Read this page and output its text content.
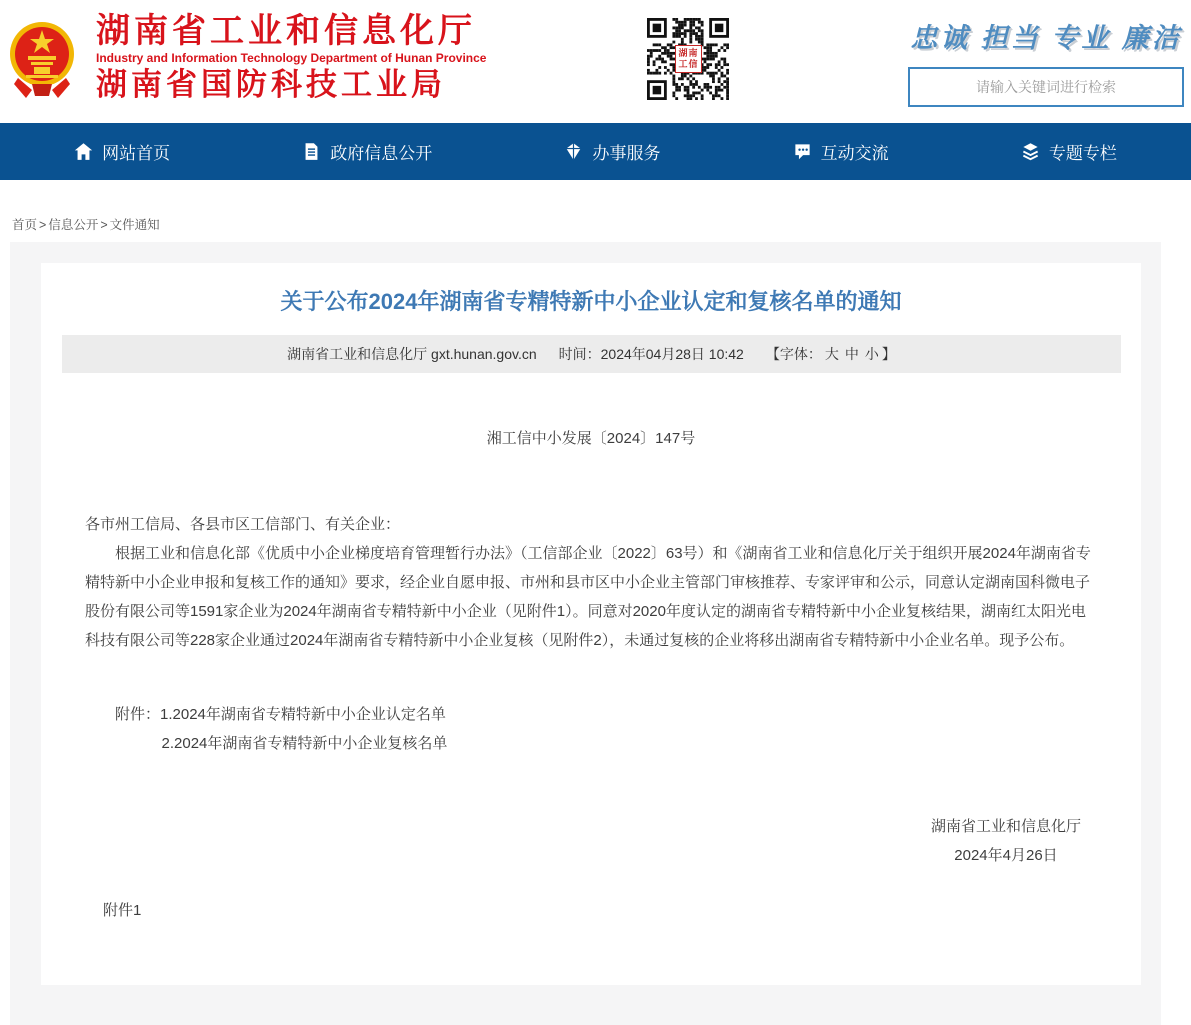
湖南省工业和信息化厅
Industry and Information Technology Department of Hunan Province
湖南省国防科技工业局
湖南
工信
忠诚 担当 专业 廉洁
请输入关键词进行检索
网站首页	政府信息公开	办事服务	互动交流	专题专栏
首页 > 信息公开 > 文件通知
关于公布2024年湖南省专精特新中小企业认定和复核名单的通知
湖南省工业和信息化厅 gxt.hunan.gov.cn 时间：2024年04月28日 10:42 【字体： 大 中 小 】
湘工信中小发展〔2024〕147号

各市州工信局、各县市区工信部门、有关企业：

根据工业和信息化部《优质中小企业梯度培育管理暂行办法》（工信部企业〔2022〕63号）和《湖南省工业和信息化厅关于组织开展2024年湖南省专精特新中小企业申报和复核工作的通知》要求，经企业自愿申报、市州和县市区中小企业主管部门审核推荐、专家评审和公示，同意认定湖南国科微电子股份有限公司等1591家企业为2024年湖南省专精特新中小企业（见附件1）。同意对2020年度认定的湖南省专精特新中小企业复核结果，湖南红太阳光电科技有限公司等228家企业通过2024年湖南省专精特新中小企业复核（见附件2），未通过复核的企业将移出湖南省专精特新中小企业名单。现予公布。

附件：1.2024年湖南省专精特新中小企业认定名单

2.2024年湖南省专精特新中小企业复核名单

湖南省工业和信息化厅
2024年4月26日

附件1
